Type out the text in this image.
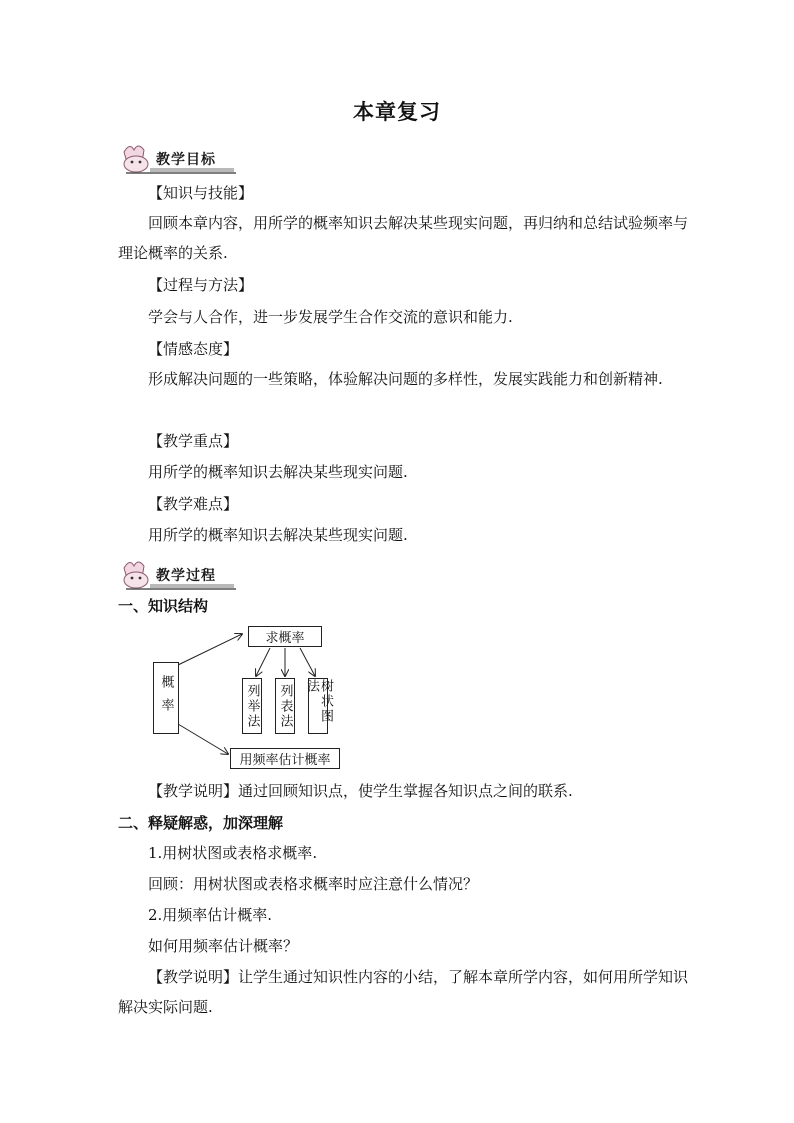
本章复习
教学目标

【知识与技能】

回顾本章内容，用所学的概率知识去解决某些现实问题，再归纳和总结试验频率与理论概率的关系.

【过程与方法】

学会与人合作，进一步发展学生合作交流的意识和能力.

【情感态度】

形成解决问题的一些策略，体验解决问题的多样性，发展实践能力和创新精神.

【教学重点】

用所学的概率知识去解决某些现实问题.

【教学难点】

用所学的概率知识去解决某些现实问题.

教学过程
一、知识结构
概率
求概率
列举法 列表法	树状图法
用频率估计概率

【教学说明】通过回顾知识点，使学生掌握各知识点之间的联系.

二、释疑解惑，加深理解

1.用树状图或表格求概率.

回顾：用树状图或表格求概率时应注意什么情况？

2.用频率估计概率.

如何用频率估计概率？

【教学说明】让学生通过知识性内容的小结，了解本章所学内容，如何用所学知识解决实际问题.
